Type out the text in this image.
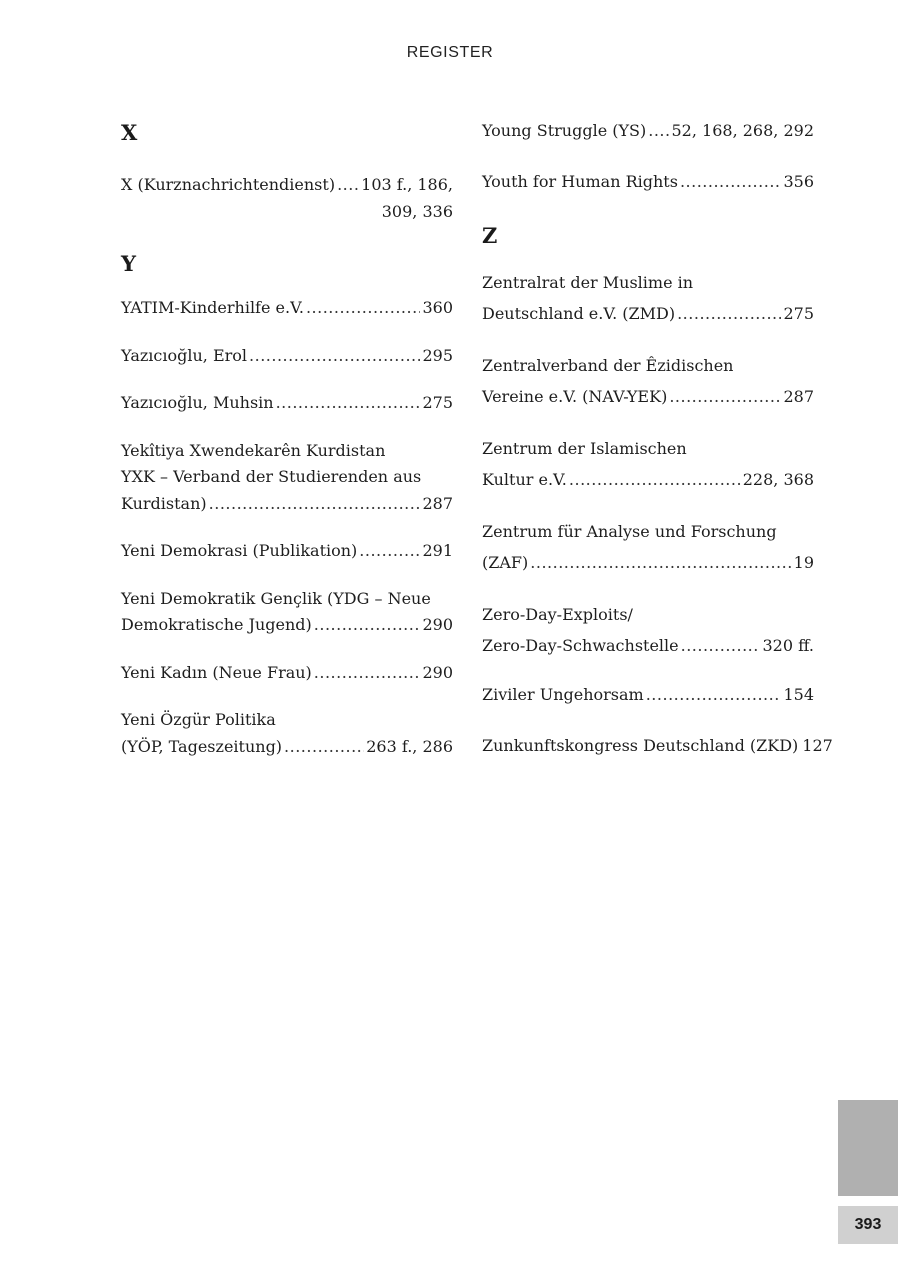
REGISTER
X
X (Kurznachrichtendienst) ..... 103 f., 186,
309, 336
Y
YATIM-Kinderhilfe e.V. .....	360
Yazıcıoğlu, Erol .....	295
Yazıcıoğlu, Muhsin .....	275
Yekîtiya Xwendekarên Kurdistan
YXK – Verband der Studierenden aus
Kurdistan) .....	287
Yeni Demokrasi (Publikation) .....	291
Yeni Demokratik Gençlik (YDG – Neue
Demokratische Jugend) .....	290
Yeni Kadın (Neue Frau) .....	290
Yeni Özgür Politika
(YÖP, Tageszeitung) .....	263 f., 286
Young Struggle (YS) ..... 52, 168, 268, 292
Youth for Human Rights .....	356
Z
Zentralrat der Muslime in
Deutschland e.V. (ZMD) .....	275
Zentralverband der Êzidischen
Vereine e.V. (NAV-YEK) .....	287
Zentrum der Islamischen
Kultur e.V. .....	228, 368
Zentrum für Analyse und Forschung
(ZAF) .....	19
Zero-Day-Exploits/
Zero-Day-Schwachstelle .....	320 ff.
Ziviler Ungehorsam .....	154
Zunkunftskongress Deutschland (ZKD) 127
393
